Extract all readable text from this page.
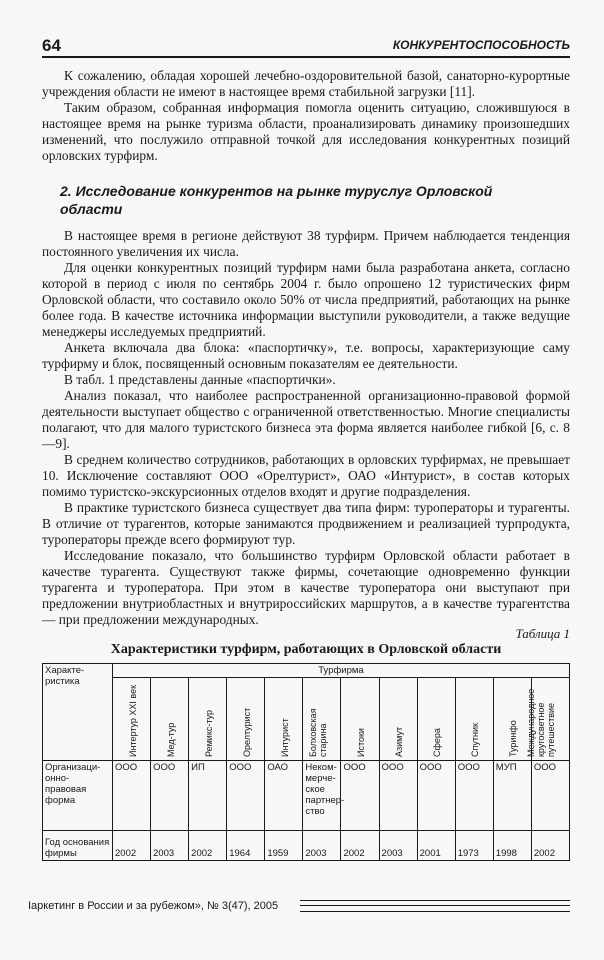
64	КОНКУРЕНТОСПОСОБНОСТЬ

К сожалению, обладая хорошей лечебно-оздоровительной базой, санаторно-курортные учреждения области не имеют в настоящее время стабильной загрузки [11].

Таким образом, собранная информация помогла оценить ситуацию, сложившуюся в настоящее время на рынке туризма области, проанализировать динамику произошедших изменений, что послужило отправной точкой для исследования конкурентных позиций орловских турфирм.

2. Исследование конкурентов на рынке туруслуг Орловской области

В настоящее время в регионе действуют 38 турфирм. Причем наблюдается тенденция постоянного увеличения их числа.

Для оценки конкурентных позиций турфирм нами была разработана анкета, согласно которой в период с июля по сентябрь 2004 г. было опрошено 12 туристических фирм Орловской области, что составило около 50% от числа предприятий, работающих на рынке более года. В качестве источника информации выступили руководители, а также ведущие менеджеры исследуемых предприятий.

Анкета включала два блока: «паспортичку», т.е. вопросы, характеризующие саму турфирму и блок, посвященный основным показателям ее деятельности.

В табл. 1 представлены данные «паспортички».

Анализ показал, что наиболее распространенной организационно-правовой формой деятельности выступает общество с ограниченной ответственностью. Многие специалисты полагают, что для малого туристского бизнеса эта форма является наиболее гибкой [6, с. 8—9].

В среднем количество сотрудников, работающих в орловских турфирмах, не превышает 10. Исключение составляют ООО «Орелтурист», ОАО «Интурист», в состав которых помимо туристско-экскурсионных отделов входят и другие подразделения.

В практике туристского бизнеса существует два типа фирм: туроператоры и турагенты. В отличие от турагентов, которые занимаются продвижением и реализацией турпродукта, туроператоры прежде всего формируют тур.

Исследование показало, что большинство турфирм Орловской области работает в качестве турагента. Существуют также фирмы, сочетающие одновременно функции турагента и туроператора. При этом в качестве туроператора они выступают при предложении внутриобластных и внутрироссийских маршрутов, а в качестве турагентства — при предложении международных.

Таблица 1
Характеристики турфирм, работающих в Орловской области
Характе-ристика	Турфирма											

	Интертур XXI век	Мед-тур	Ремикс-тур	Орелтурист	Интурист	Болховская старина	Истоки	Азимут	Сфера	Спутник	Туринфо	Международное кругосветное путешествие

Организаци-онно-правовая форма	ООО	ООО	ИП	ООО	ОАО	Неком-мерче-ское партнер-ство	ООО	ООО	ООО	ООО	МУП	ООО
Год основания фирмы	2002	2003	2002	1964	1959	2003	2002	2003	2001	1973	1998	2002
Іаркетинг в России и за рубежом», № 3(47), 2005
